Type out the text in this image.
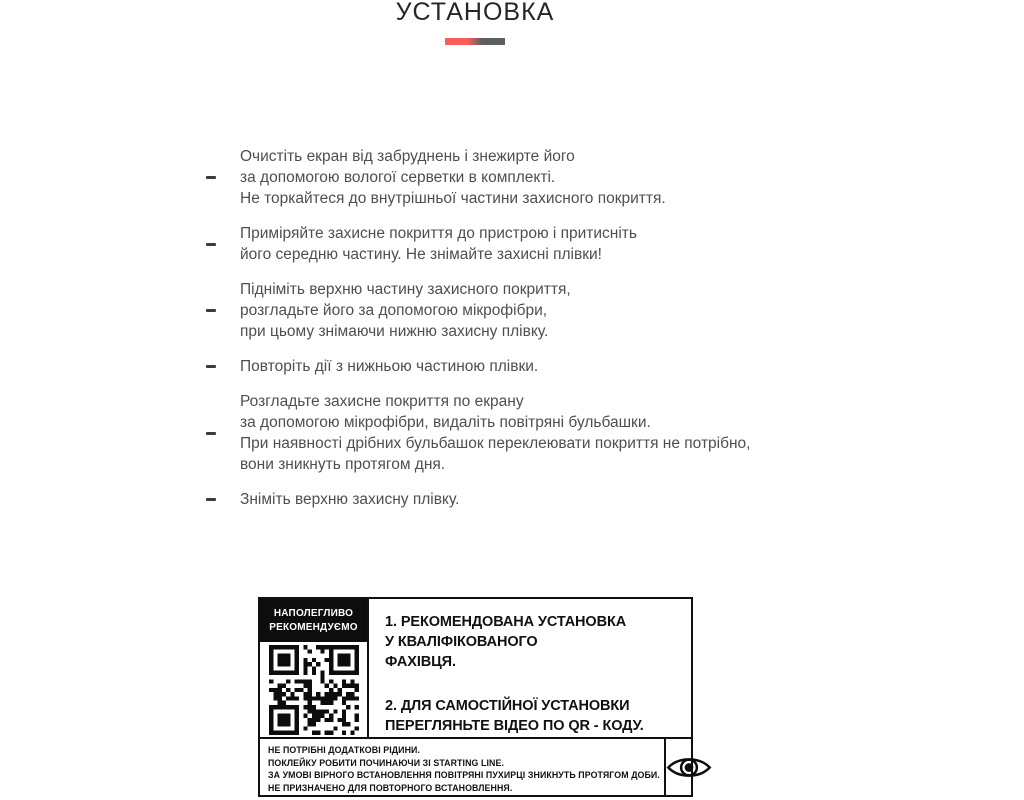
УСТАНОВКА
Очистіть екран від забруднень і знежирте його
за допомогою вологої серветки в комплекті.
Не торкайтеся до внутрішньої частини захисного покриття.
Приміряйте захисне покриття до пристрою і притисніть
його середню частину. Не знімайте захисні плівки!
Підніміть верхню частину захисного покриття,
розгладьте його за допомогою мікрофібри,
при цьому знімаючи нижню захисну плівку.
Повторіть дії з нижньою частиною плівки.
Розгладьте захисне покриття по екрану
за допомогою мікрофібри, видаліть повітряні бульбашки.
При наявності дрібних бульбашок переклеювати покриття не потрібно,
вони зникнуть протягом дня.
Зніміть верхню захисну плівку.
НАПОЛЕГЛИВО
РЕКОМЕНДУЄМО	1. РЕКОМЕНДОВАНА УСТАНОВКА
У КВАЛІФІКОВАНОГО
ФАХІВЦЯ.
2. ДЛЯ САМОСТІЙНОЇ УСТАНОВКИ
ПЕРЕГЛЯНЬТЕ ВІДЕО ПО QR - КОДУ.
НЕ ПОТРІБНІ ДОДАТКОВІ РІДИНИ.
ПОКЛЕЙКУ РОБИТИ ПОЧИНАЮЧИ ЗІ STARTING LINE.
ЗА УМОВІ ВІРНОГО ВСТАНОВЛЕННЯ ПОВІТРЯНІ ПУХИРЦІ ЗНИКНУТЬ ПРОТЯГОМ ДОБИ.
НЕ ПРИЗНАЧЕНО ДЛЯ ПОВТОРНОГО ВСТАНОВЛЕННЯ.
